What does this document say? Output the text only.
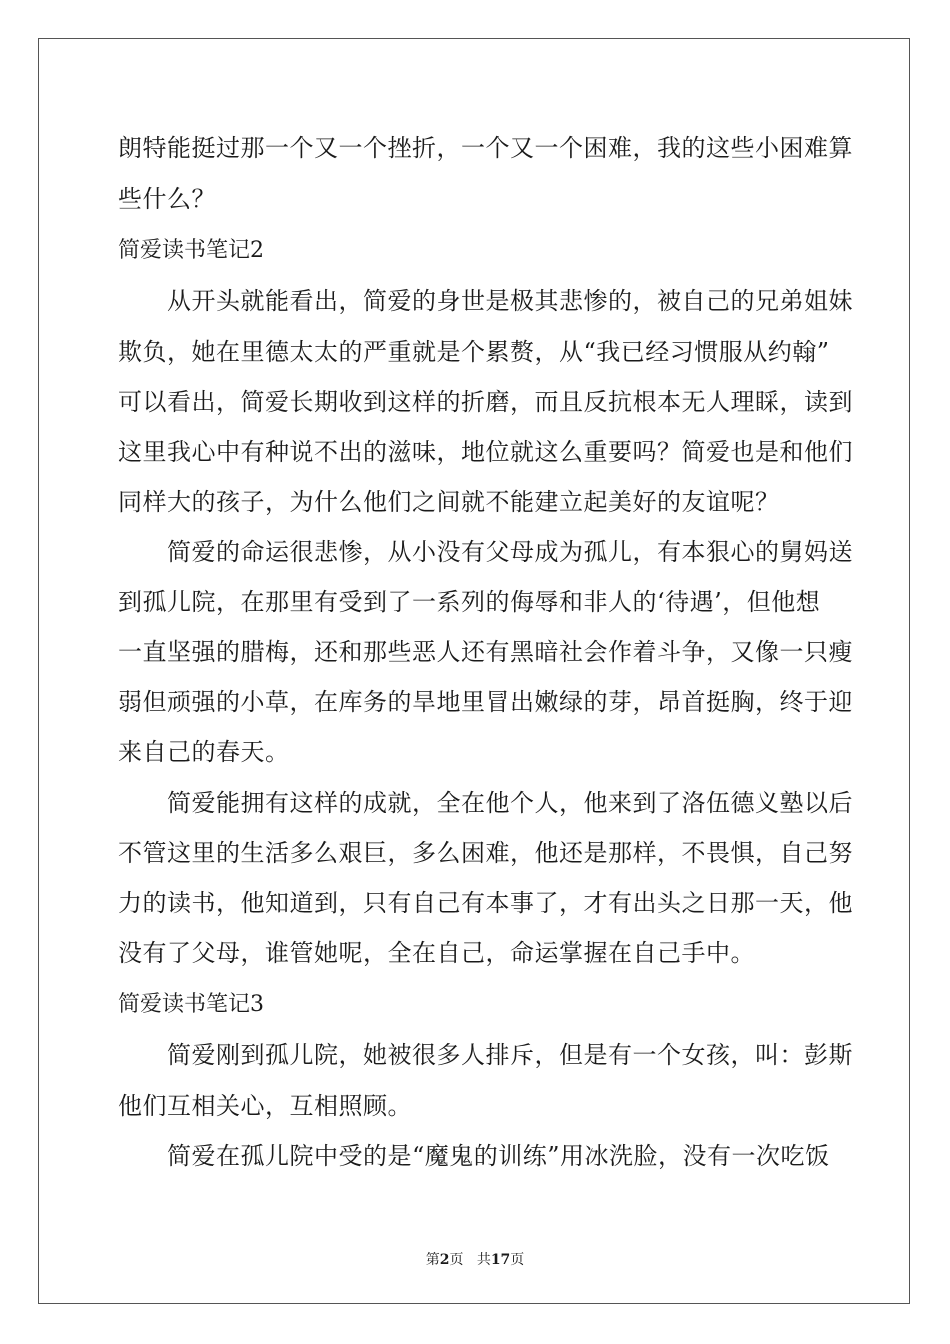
朗特能挺过那一个又一个挫折，一个又一个困难，我的这些小困难算
些什么？
简爱读书笔记2
　　从开头就能看出，简爱的身世是极其悲惨的，被自己的兄弟姐妹
欺负，她在里德太太的严重就是个累赘，从“我已经习惯服从约翰”
可以看出，简爱长期收到这样的折磨，而且反抗根本无人理睬，读到
这里我心中有种说不出的滋味，地位就这么重要吗？简爱也是和他们
同样大的孩子，为什么他们之间就不能建立起美好的友谊呢？
　　简爱的命运很悲惨，从小没有父母成为孤儿，有本狠心的舅妈送
到孤儿院，在那里有受到了一系列的侮辱和非人的‘待遇’，但他想
一直坚强的腊梅，还和那些恶人还有黑暗社会作着斗争，又像一只瘦
弱但顽强的小草，在库务的旱地里冒出嫩绿的芽，昂首挺胸，终于迎
来自己的春天。
　　简爱能拥有这样的成就，全在他个人，他来到了洛伍德义塾以后
不管这里的生活多么艰巨，多么困难，他还是那样，不畏惧，自己努
力的读书，他知道到，只有自己有本事了，才有出头之日那一天，他
没有了父母，谁管她呢，全在自己，命运掌握在自己手中。
简爱读书笔记3
　　简爱刚到孤儿院，她被很多人排斥，但是有一个女孩，叫：彭斯
他们互相关心，互相照顾。
　　简爱在孤儿院中受的是“魔鬼的训练”用冰洗脸，没有一次吃饭
第2页 共17页
